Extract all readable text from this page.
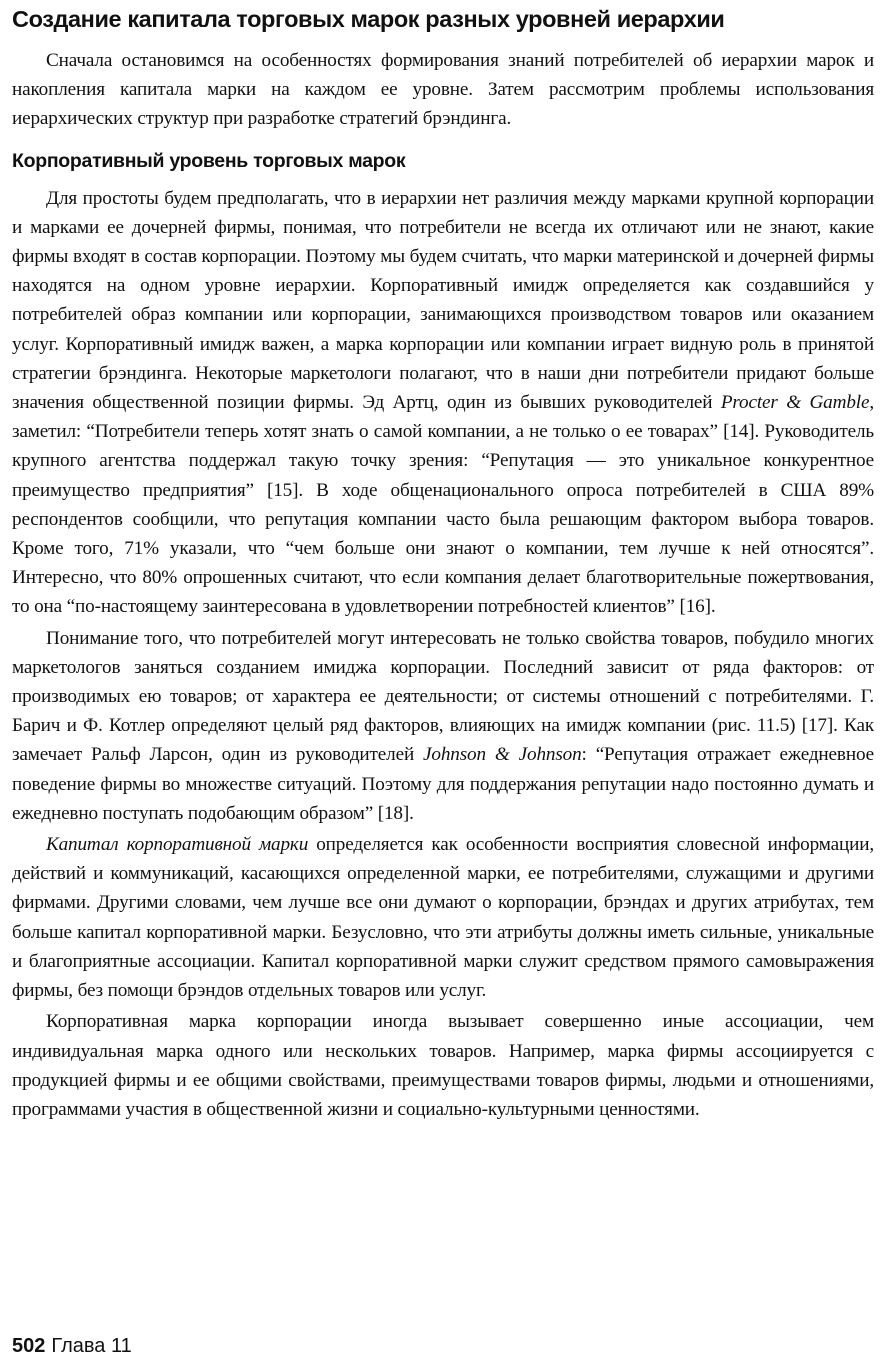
Создание капитала торговых марок разных уровней иерархии

Сначала остановимся на особенностях формирования знаний потребителей об иерархии марок и накопления капитала марки на каждом ее уровне. Затем рассмотрим проблемы использования иерархических структур при разработке стратегий брэндинга.

Корпоративный уровень торговых марок

Для простоты будем предполагать, что в иерархии нет различия между марками крупной корпорации и марками ее дочерней фирмы, понимая, что потребители не всегда их отличают или не знают, какие фирмы входят в состав корпорации. Поэтому мы будем считать, что марки материнской и дочерней фирмы находятся на одном уровне иерархии. Корпоративный имидж определяется как создавшийся у потребителей образ компании или корпорации, занимающихся производством товаров или оказанием услуг. Корпоративный имидж важен, а марка корпорации или компании играет видную роль в принятой стратегии брэндинга. Некоторые маркетологи полагают, что в наши дни потребители придают больше значения общественной позиции фирмы. Эд Артц, один из бывших руководителей Procter & Gamble, заметил: “Потребители теперь хотят знать о самой компании, а не только о ее товарах” [14]. Руководитель крупного агентства поддержал такую точку зрения: “Репутация — это уникальное конкурентное преимущество предприятия” [15]. В ходе общенационального опроса потребителей в США 89% респондентов сообщили, что репутация компании часто была решающим фактором выбора товаров. Кроме того, 71% указали, что “чем больше они знают о компании, тем лучше к ней относятся”. Интересно, что 80% опрошенных считают, что если компания делает благотворительные пожертвования, то она “по-настоящему заинтересована в удовлетворении потребностей клиентов” [16].

Понимание того, что потребителей могут интересовать не только свойства товаров, побудило многих маркетологов заняться созданием имиджа корпорации. Последний зависит от ряда факторов: от производимых ею товаров; от характера ее деятельности; от системы отношений с потребителями. Г. Барич и Ф. Котлер определяют целый ряд факторов, влияющих на имидж компании (рис. 11.5) [17]. Как замечает Ральф Ларсон, один из руководителей Johnson & Johnson: “Репутация отражает ежедневное поведение фирмы во множестве ситуаций. Поэтому для поддержания репутации надо постоянно думать и ежедневно поступать подобающим образом” [18].

Капитал корпоративной марки определяется как особенности восприятия словесной информации, действий и коммуникаций, касающихся определенной марки, ее потребителями, служащими и другими фирмами. Другими словами, чем лучше все они думают о корпорации, брэндах и других атрибутах, тем больше капитал корпоративной марки. Безусловно, что эти атрибуты должны иметь сильные, уникальные и благоприятные ассоциации. Капитал корпоративной марки служит средством прямого самовыражения фирмы, без помощи брэндов отдельных товаров или услуг.

Корпоративная марка корпорации иногда вызывает совершенно иные ассоциации, чем индивидуальная марка одного или нескольких товаров. Например, марка фирмы ассоциируется с продукцией фирмы и ее общими свойствами, преимуществами товаров фирмы, людьми и отношениями, программами участия в общественной жизни и социально-культурными ценностями.

502 Глава 11
